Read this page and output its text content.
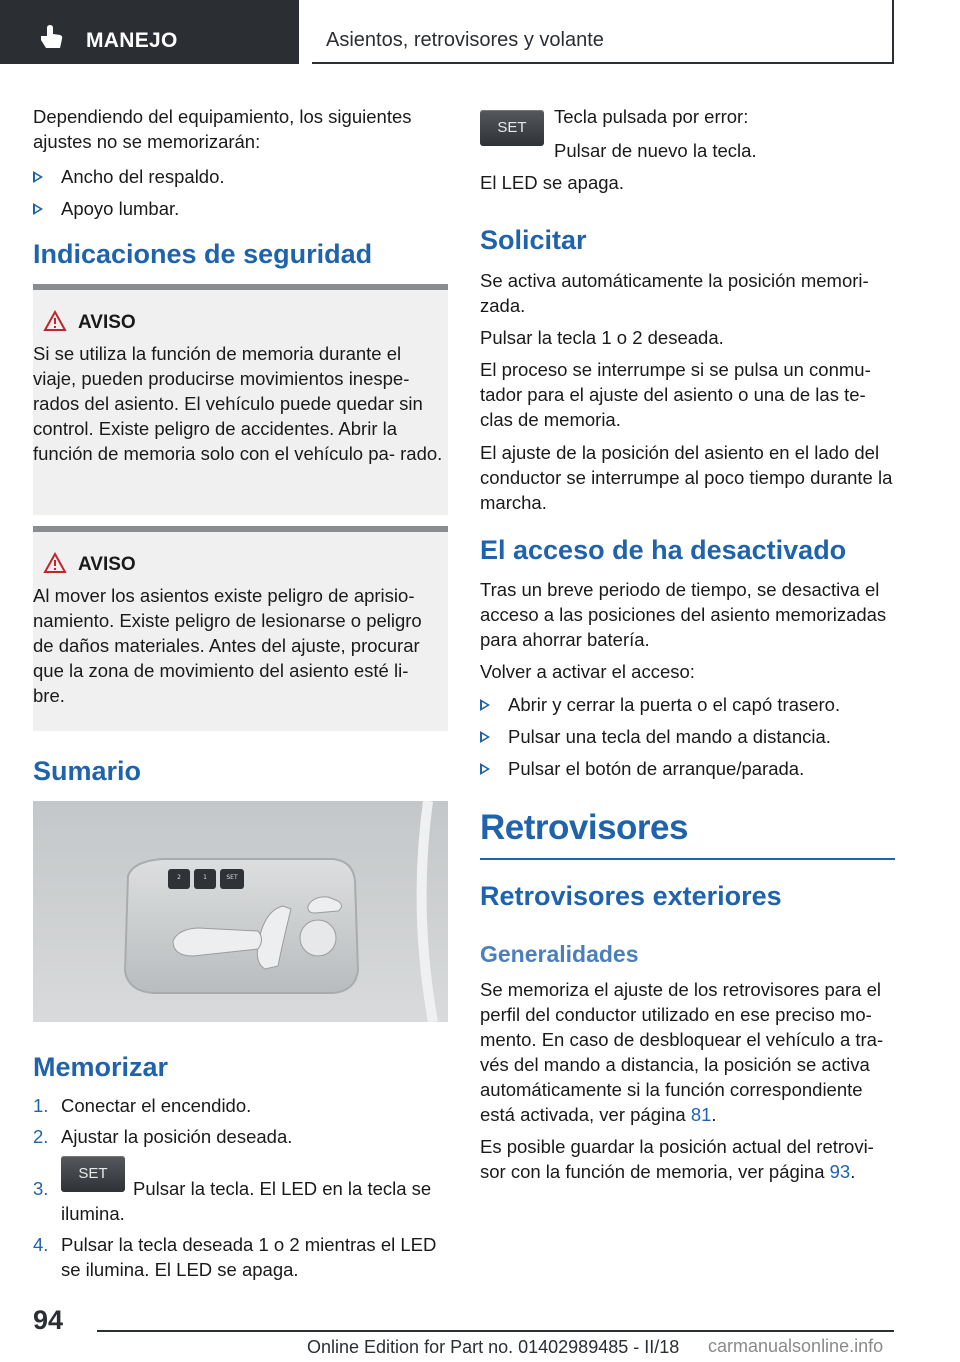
MANEJO	Asientos, retrovisores y volante

Dependiendo del equipamiento, los siguientes ajustes no se memorizarán:

Ancho del respaldo.
Apoyo lumbar.
Indicaciones de seguridad
AVISO
Si se utiliza la función de memoria durante el viaje, pueden producirse movimientos inespe- rados del asiento. El vehículo puede quedar sin control. Existe peligro de accidentes. Abrir la función de memoria solo con el vehículo pa- rado.
AVISO
Al mover los asientos existe peligro de aprisio- namiento. Existe peligro de lesionarse o peligro de daños materiales. Antes del ajuste, procurar que la zona de movimiento del asiento esté li- bre.
Sumario
2	1	SET
Memorizar
1. Conectar el encendido.
2. Ajustar la posición deseada.
3.	Pulsar la tecla. El LED en la tecla se ilumina.
4. Pulsar la tecla deseada 1 o 2 mientras el LED se ilumina. El LED se apaga.
SET
SET

Tecla pulsada por error:

Pulsar de nuevo la tecla.

El LED se apaga.

Solicitar

Se activa automáticamente la posición memori- zada.

Pulsar la tecla 1 o 2 deseada.

El proceso se interrumpe si se pulsa un conmu- tador para el ajuste del asiento o una de las te- clas de memoria.

El ajuste de la posición del asiento en el lado del conductor se interrumpe al poco tiempo durante la marcha.

El acceso de ha desactivado

Tras un breve periodo de tiempo, se desactiva el acceso a las posiciones del asiento memorizadas para ahorrar batería.

Volver a activar el acceso:

Abrir y cerrar la puerta o el capó trasero.
Pulsar una tecla del mando a distancia.
Pulsar el botón de arranque/parada.
Retrovisores
Retrovisores exteriores
Generalidades

Se memoriza el ajuste de los retrovisores para el perfil del conductor utilizado en ese preciso mo- mento. En caso de desbloquear el vehículo a tra- vés del mando a distancia, la posición se activa automáticamente si la función correspondiente está activada, ver página 81.

Es posible guardar la posición actual del retrovi- sor con la función de memoria, ver página 93.

94
Online Edition for Part no. 01402989485 - II/18 carmanualsonline.info
